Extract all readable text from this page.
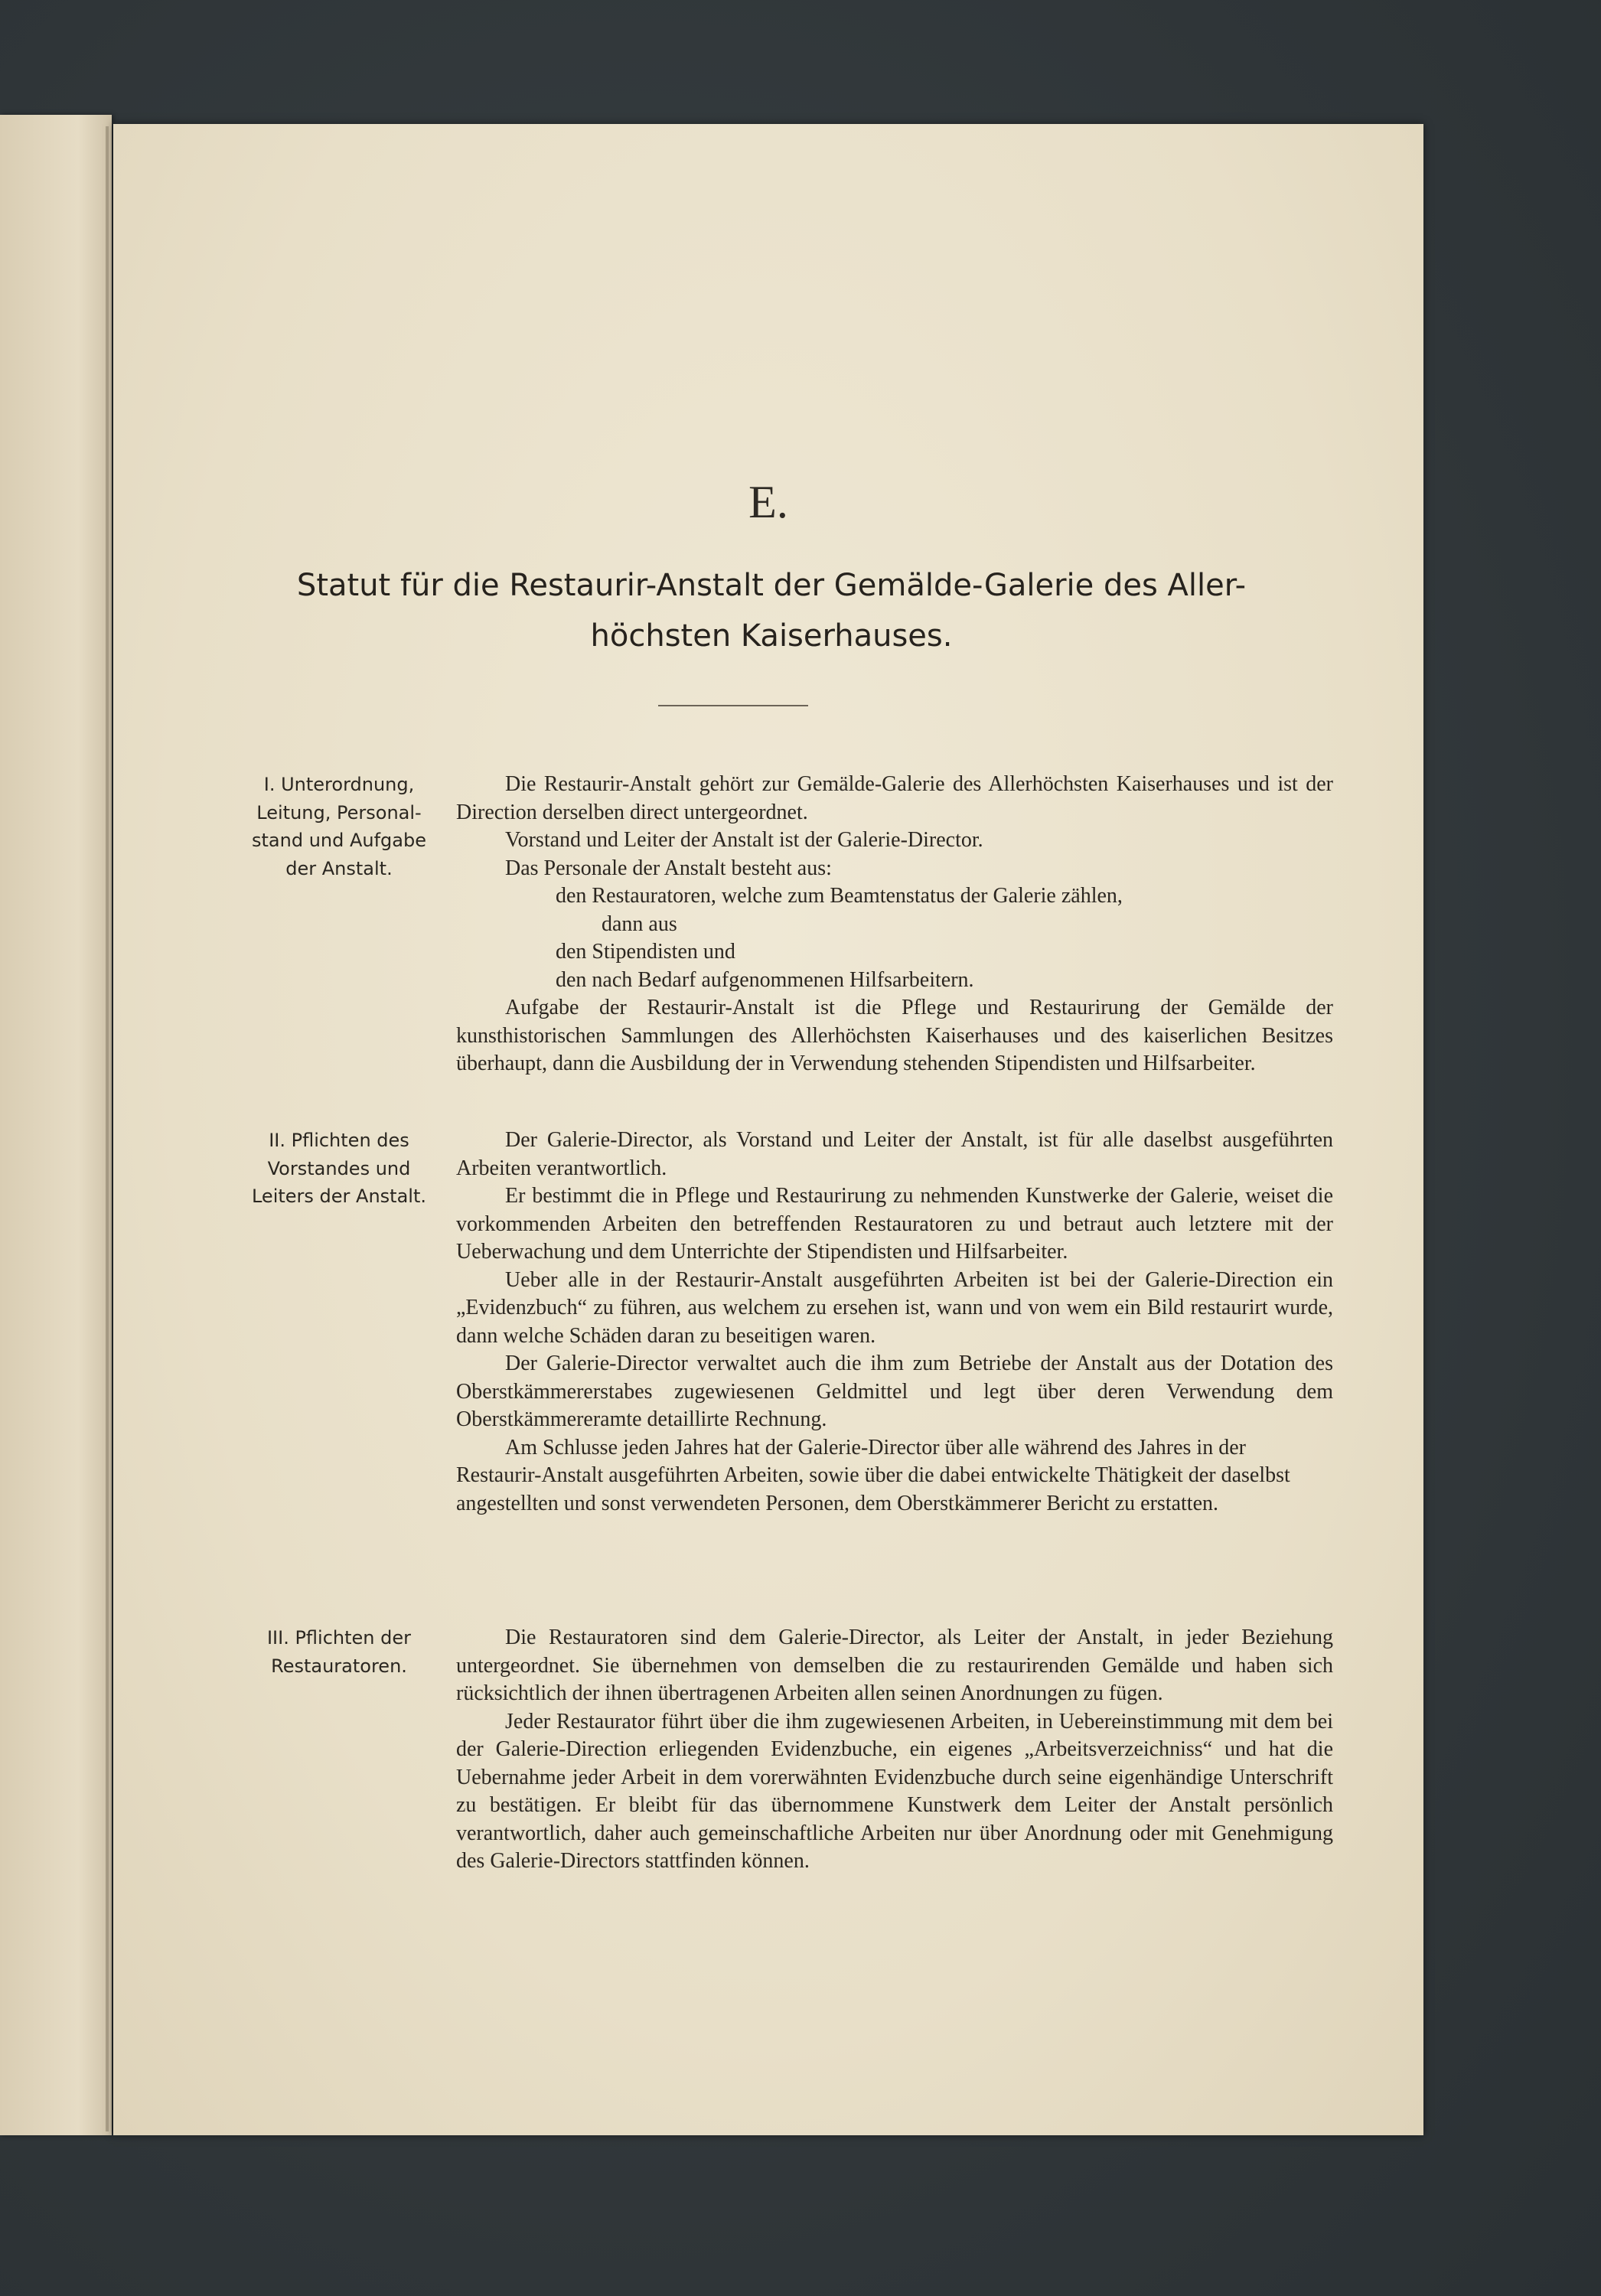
E.
Statut für die Restaurir-Anstalt der Gemälde-Galerie des Aller-
höchsten Kaiserhauses.
I. Unterordnung,
Leitung, Personal-
stand und Aufgabe
der Anstalt.

Die Restaurir-Anstalt gehört zur Gemälde-Galerie des Allerhöchsten Kaiserhauses und ist der Direction derselben direct untergeordnet.

Vorstand und Leiter der Anstalt ist der Galerie-Director.

Das Personale der Anstalt besteht aus:

den Restauratoren, welche zum Beamtenstatus der Galerie zählen,

dann aus

den Stipendisten und

den nach Bedarf aufgenommenen Hilfsarbeitern.

Aufgabe der Restaurir-Anstalt ist die Pflege und Restaurirung der Gemälde der kunsthistorischen Sammlungen des Allerhöchsten Kaiserhauses und des kaiserlichen Besitzes überhaupt, dann die Ausbildung der in Verwendung stehenden Stipendisten und Hilfsarbeiter.

II. Pflichten des
Vorstandes und
Leiters der Anstalt.

Der Galerie-Director, als Vorstand und Leiter der Anstalt, ist für alle daselbst ausgeführten Arbeiten verantwortlich.

Er bestimmt die in Pflege und Restaurirung zu nehmenden Kunstwerke der Galerie, weiset die vorkommenden Arbeiten den betreffenden Restauratoren zu und betraut auch letztere mit der Ueberwachung und dem Unterrichte der Stipendisten und Hilfsarbeiter.

Ueber alle in der Restaurir-Anstalt ausgeführten Arbeiten ist bei der Galerie-Direction ein „Evidenzbuch“ zu führen, aus welchem zu ersehen ist, wann und von wem ein Bild restaurirt wurde, dann welche Schäden daran zu beseitigen waren.

Der Galerie-Director verwaltet auch die ihm zum Betriebe der Anstalt aus der Dotation des Oberstkämmererstabes zugewiesenen Geldmittel und legt über deren Verwendung dem Oberstkämmereramte detaillirte Rechnung.

Am Schlusse jeden Jahres hat der Galerie-Director über alle während des Jahres in der Restaurir-Anstalt ausgeführten Arbeiten, sowie über die dabei entwickelte Thätigkeit der daselbst angestellten und sonst verwendeten Personen, dem Oberstkämmerer Bericht zu erstatten.

III. Pflichten der
Restauratoren.

Die Restauratoren sind dem Galerie-Director, als Leiter der Anstalt, in jeder Beziehung untergeordnet. Sie übernehmen von demselben die zu restaurirenden Gemälde und haben sich rücksichtlich der ihnen übertragenen Arbeiten allen seinen Anordnungen zu fügen.

Jeder Restaurator führt über die ihm zugewiesenen Arbeiten, in Uebereinstimmung mit dem bei der Galerie-Direction erliegenden Evidenzbuche, ein eigenes „Arbeitsverzeichniss“ und hat die Uebernahme jeder Arbeit in dem vorerwähnten Evidenzbuche durch seine eigenhändige Unterschrift zu bestätigen. Er bleibt für das übernommene Kunstwerk dem Leiter der Anstalt persönlich verantwortlich, daher auch gemeinschaftliche Arbeiten nur über Anordnung oder mit Genehmigung des Galerie-Directors stattfinden können.
